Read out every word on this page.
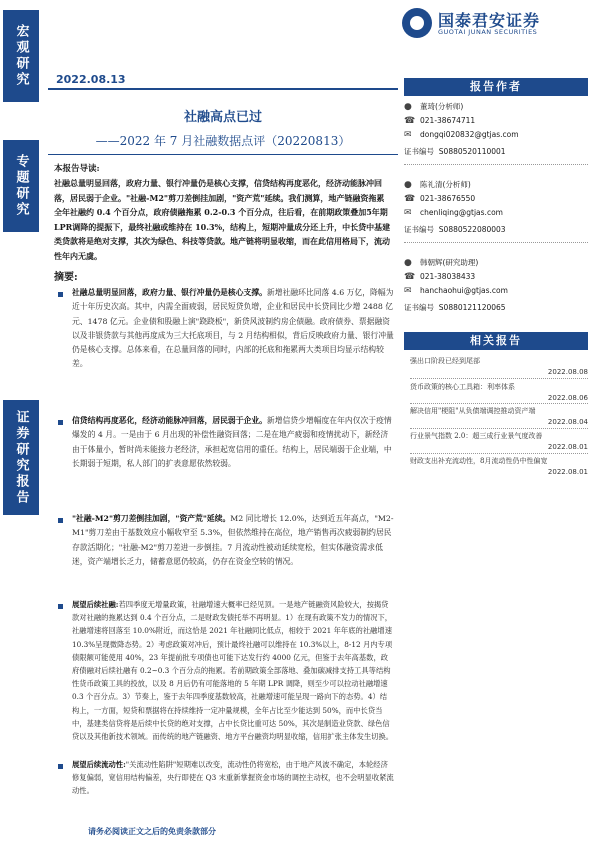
宏观研究
专题研究
证券研究报告
国泰君安证券
GUOTAI JUNAN SECURITIES
2022.08.13
社融高点已过
——2022 年 7 月社融数据点评（20220813）
本报告导读:
社融总量明显回落，政府力量、银行冲量仍是核心支撑，信贷结构再度恶化，经济动能脉冲回落，居民弱于企业。"社融-M2"剪刀差倒挂加剧，"资产荒"延续。我们测算，地产链融资拖累全年社融约 0.4 个百分点，政府债融拖累 0.2-0.3 个百分点，往后看，在前期政策叠加5年期LPR调降的提振下，最终社融或维持在 10.3%，结构上，短期冲量成分还上升，中长贷中基建类贷款将是绝对支撑，其次为绿色、科技等贷款。地产链将明显收缩，而在此信用格局下，流动性年内无虞。
摘要:
社融总量明显回落，政府力量、银行冲量仍是核心支撑。新增社融环比同落 4.6 万亿，降幅为近十年历史次高。其中，内需全面疲弱，居民短贷负增，企业和居民中长贷同比少增 2488 亿元、1478 亿元。企业债和股融上演"跷跷板"，新贷风波制约房企债融。政府债券、票据融资以及非银贷款与其他再度成为三大托底项目，与 2 月结构相似，背后反映政府力量、银行冲量仍是核心支撑。总体来看，在总量回落的同时，内部的托底和拖累两大类项目均显示结构较差。
信贷结构再度恶化，经济动能脉冲回落，居民弱于企业。新增信贷少增幅度在年内仅次于疫情爆发的 4 月。一是由于 6 月出现的补偿性融资回落；二是在地产疲弱和疫情扰动下，新经济由于体量小，暂时尚未能接力老经济，承担起宽信用的重任。结构上，居民端弱于企业端，中长期弱于短期，私人部门的扩表意愿依然较弱。
"社融-M2"剪刀差倒挂加剧，"资产荒"延续。M2 同比增长 12.0%，达到近五年高点，"M2- M1"剪刀差由于基数效应小幅收窄至 5.3%，但依然维持在高位，地产销售再次疲弱制约居民存款活期化；"社融-M2"剪刀差进一步倒挂。7 月流动性被动延续宽松，但实体融资需求低迷，资产端增长乏力，储蓄意愿仍较高，仍存在资金空转的情况。
展望后续社融:若四季度无增量政策，社融增速大概率已经见顶。一是地产链融资风险较大，按揭贷款对社融的拖累达到 0.4 个百分点，二是财政发债托举不再明显。1）在现有政策不发力的情况下，社融增速将回落至 10.0%附近，而这恰是 2021 年社融同比低点，相较于 2021 年年底的社融增速 10.3%呈现微降态势。2）考虑政策对冲后，预计最终社融可以维持在 10.3%以上，8-12 月内专项债限额可能使用 40%，23 年提前批专项债也可能下达发行约 4000 亿元，但鉴于去年高基数，政府债融对后续社融有 0.2~0.3 个百分点的拖累。若前期政策全部落地、叠加碳减排支持工具等结构性货币政策工具的投放，以及 8 月后仍有可能落地的 5 年期 LPR 调降，则至少可以拉动社融增速 0.3 个百分点。3）节奏上，鉴于去年四季度基数较高，社融增速可能呈现一路向下的态势。4）结构上，一方面，短贷和票据将在持续维持一定冲量规模，全年占比至少能达到 50%，而中长贷当中，基建类信贷将是后续中长贷的绝对支撑，占中长贷比重可达 50%，其次是制造业贷款、绿色信贷以及其他新技术领域。而传统的地产链融资、地方平台融资均明显收缩，信用扩张主体发生切换。
展望后续流动性:"关流动性陷阱"短期难以改变，流动性仍将宽松，由于地产风波不确定，本轮经济修复偏弱，宽信用结构偏差，央行即使在 Q3 末重新掌握资金市场的调控主动权，也不会明显收紧流动性。
请务必阅读正文之后的免责条款部分
报告作者
● 董琦(分析师)
☎ 021-38674711
✉	dongqi020832@gtjas.com
证书编号 S0880520110001
● 陈礼清(分析师)
☎ 021-38676550
✉	chenliqing@gtjas.com
证书编号 S0880522080003
● 韩朝辉(研究助理)
☎ 021-38038433
✉	hanchaohui@gtjas.com
证书编号 S0880121120065
相关报告
强出口阶段已经到尾部
2022.08.08
货币政策的核心工具箱：利率体系
2022.08.06
解决信用"梗阻"从负债端调控推动资产端
2022.08.04
行业景气指数 2.0：超三成行业景气度改善
2022.08.01
财政支出补充流动性，8月流动性仍中性偏宽
2022.08.01
